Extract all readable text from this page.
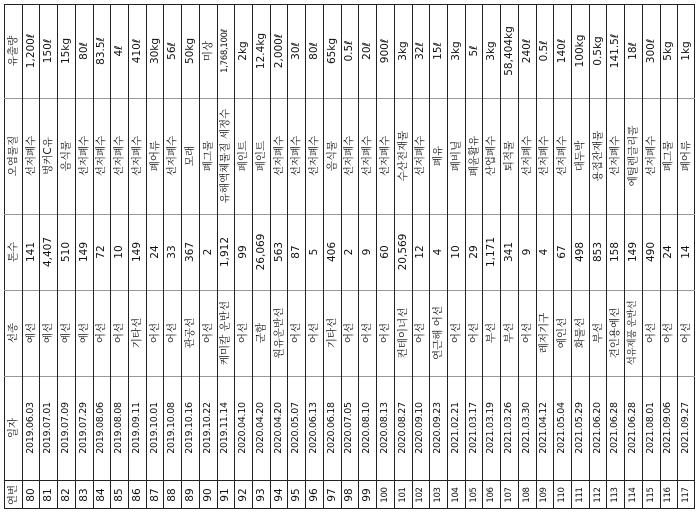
연번
일자
선종
톤수
오염물질
유출량
80
2019.06.03
예선
141
선저폐수
1,200ℓ
81
2019.07.01
예선
4,407
벙커C유
150ℓ
82
2019.07.09
예선
510
음식물
15kg
83
2019.07.29
예선
149
선저폐수
80ℓ
84
2019.08.06
어선
72
선저폐수
83.5ℓ
85
2019.08.08
어선
10
선저폐수
4ℓ
86
2019.09.11
기타선
149
선저폐수
410ℓ
87
2019.10.01
어선
24
폐어류
30kg
88
2019.10.08
어선
33
선저폐수
56ℓ
89
2019.10.16
관공선
367
모래
50kg
90
2019.10.22
어선
2
폐그물
미상
91
2019.11.14
케미칼 운반선
1,912
유해액체물질 세정수
1,768,100ℓ
92
2020.04.10
어선
99
페인트
2kg
93
2020.04.20
군함
26,069
페인트
12.4kg
94
2020.04.20
원유운반선
563
선저폐수
2,000ℓ
95
2020.05.07
어선
87
선저폐수
30ℓ
96
2020.06.13
어선
5
선저폐수
80ℓ
97
2020.06.18
기타선
406
음식물
65kg
98
2020.07.05
어선
2
선저폐수
0.5ℓ
99
2020.08.10
어선
9
선저폐수
20ℓ
100
2020.08.13
어선
60
선저폐수
900ℓ
101
2020.08.27
컨테이너선
20,569
수산전재물
3kg
102
2020.09.10
어선
12
선저폐수
32ℓ
103
2020.09.23
연근해 어선
4
폐유
15ℓ
104
2021.02.21
어선
10
폐비닐
3kg
105
2021.03.17
어선
29
폐윤활유
5ℓ
106
2021.03.19
부선
1,171
산업폐수
3kg
107
2021.03.26
부선
341
퇴적물
58,404kg
108
2021.03.30
어선
9
선저폐수
240ℓ
109
2021.04.12
레저기구
4
선저폐수
0.5ℓ
110
2021.05.04
예인선
67
선저폐수
140ℓ
111
2021.05.29
화물선
498
대두박
100kg
112
2021.06.20
부선
853
용접잔재물
0.5kg
113
2021.06.28
견인용예선
158
선저폐수
141.5ℓ
114
2021.06.28
석유제품 운반선
149
에틸렌글리콜
18ℓ
115
2021.08.01
어선
490
선저폐수
300ℓ
116
2021.09.06
어선
24
폐그물
5kg
117
2021.09.27
어선
14
폐어류
1kg
